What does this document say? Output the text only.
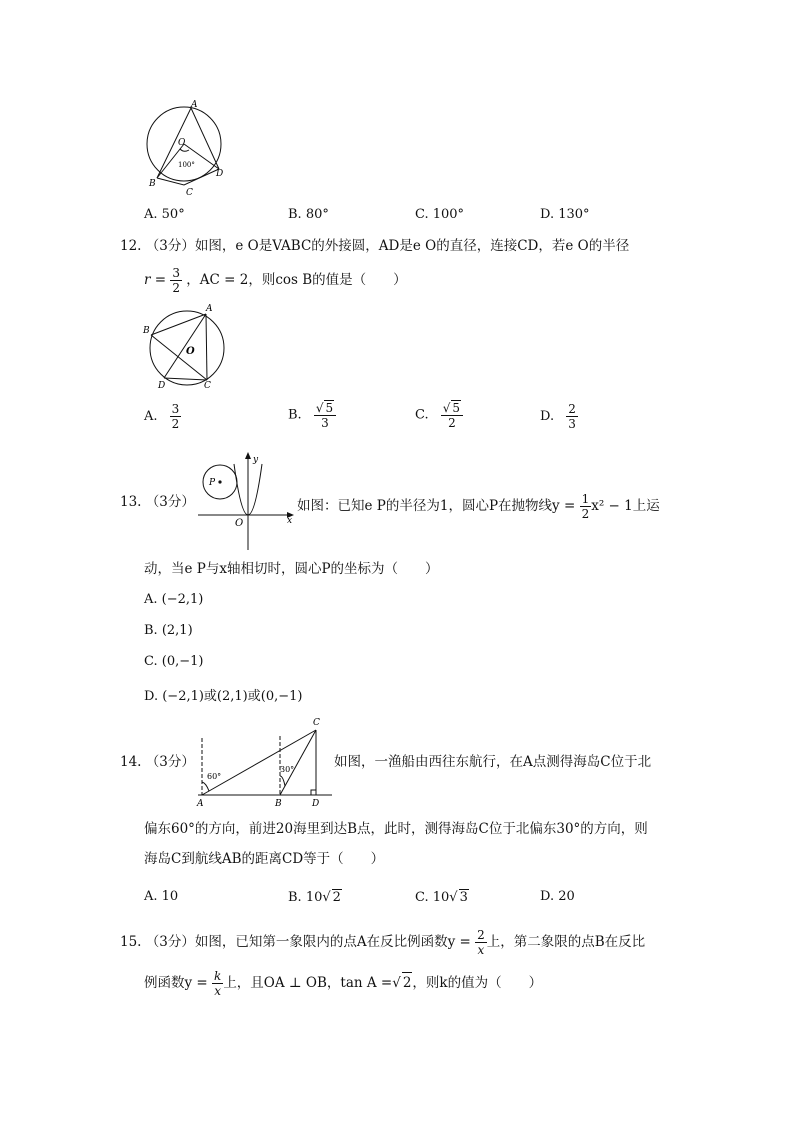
A
O
100°
B
C
D
A. 50°	B. 80°	C. 100°	D. 130°
12. （3分）如图，e O是VABC的外接圆，AD是e O的直径，连接CD，若e O的半径
$r = \frac{3}{2}$ ，AC = 2，则cos B的值是（　　）
A
B
O
D	C
A. $\frac{3}{2}$	B. $\frac{√ 5}{3}$	C. $\frac{√ 5}{2}$	D. $\frac{2}{3}$
13. （3分）
y
P
O	x
如图：已知e P的半径为1，圆心P在抛物线$y = \frac{1}{2} x^2 - 1$上运
动，当e P与x轴相切时，圆心P的坐标为（　　）
A. (−2,1)
B. (2,1)
C. (0,−1)
D. (−2,1)或(2,1)或(0,−1)
14. （3分）
C
60°
30°
A	B	D
如图，一渔船由西往东航行，在A点测得海岛C位于北
偏东60°的方向，前进20海里到达B点，此时，测得海岛C位于北偏东30°的方向，则
海岛C到航线AB的距离CD等于（　　）
A. 10	B. 10√ 2	C. 10√ 3	D. 20
15. （3分）如图，已知第一象限内的点A在反比例函数$y = \frac{2}{x}$ 上，第二象限的点B在反比
例函数$y = \frac{k}{x}$ 上，且OA ⊥ OB，tan A =√ 2，则k的值为（　　）
